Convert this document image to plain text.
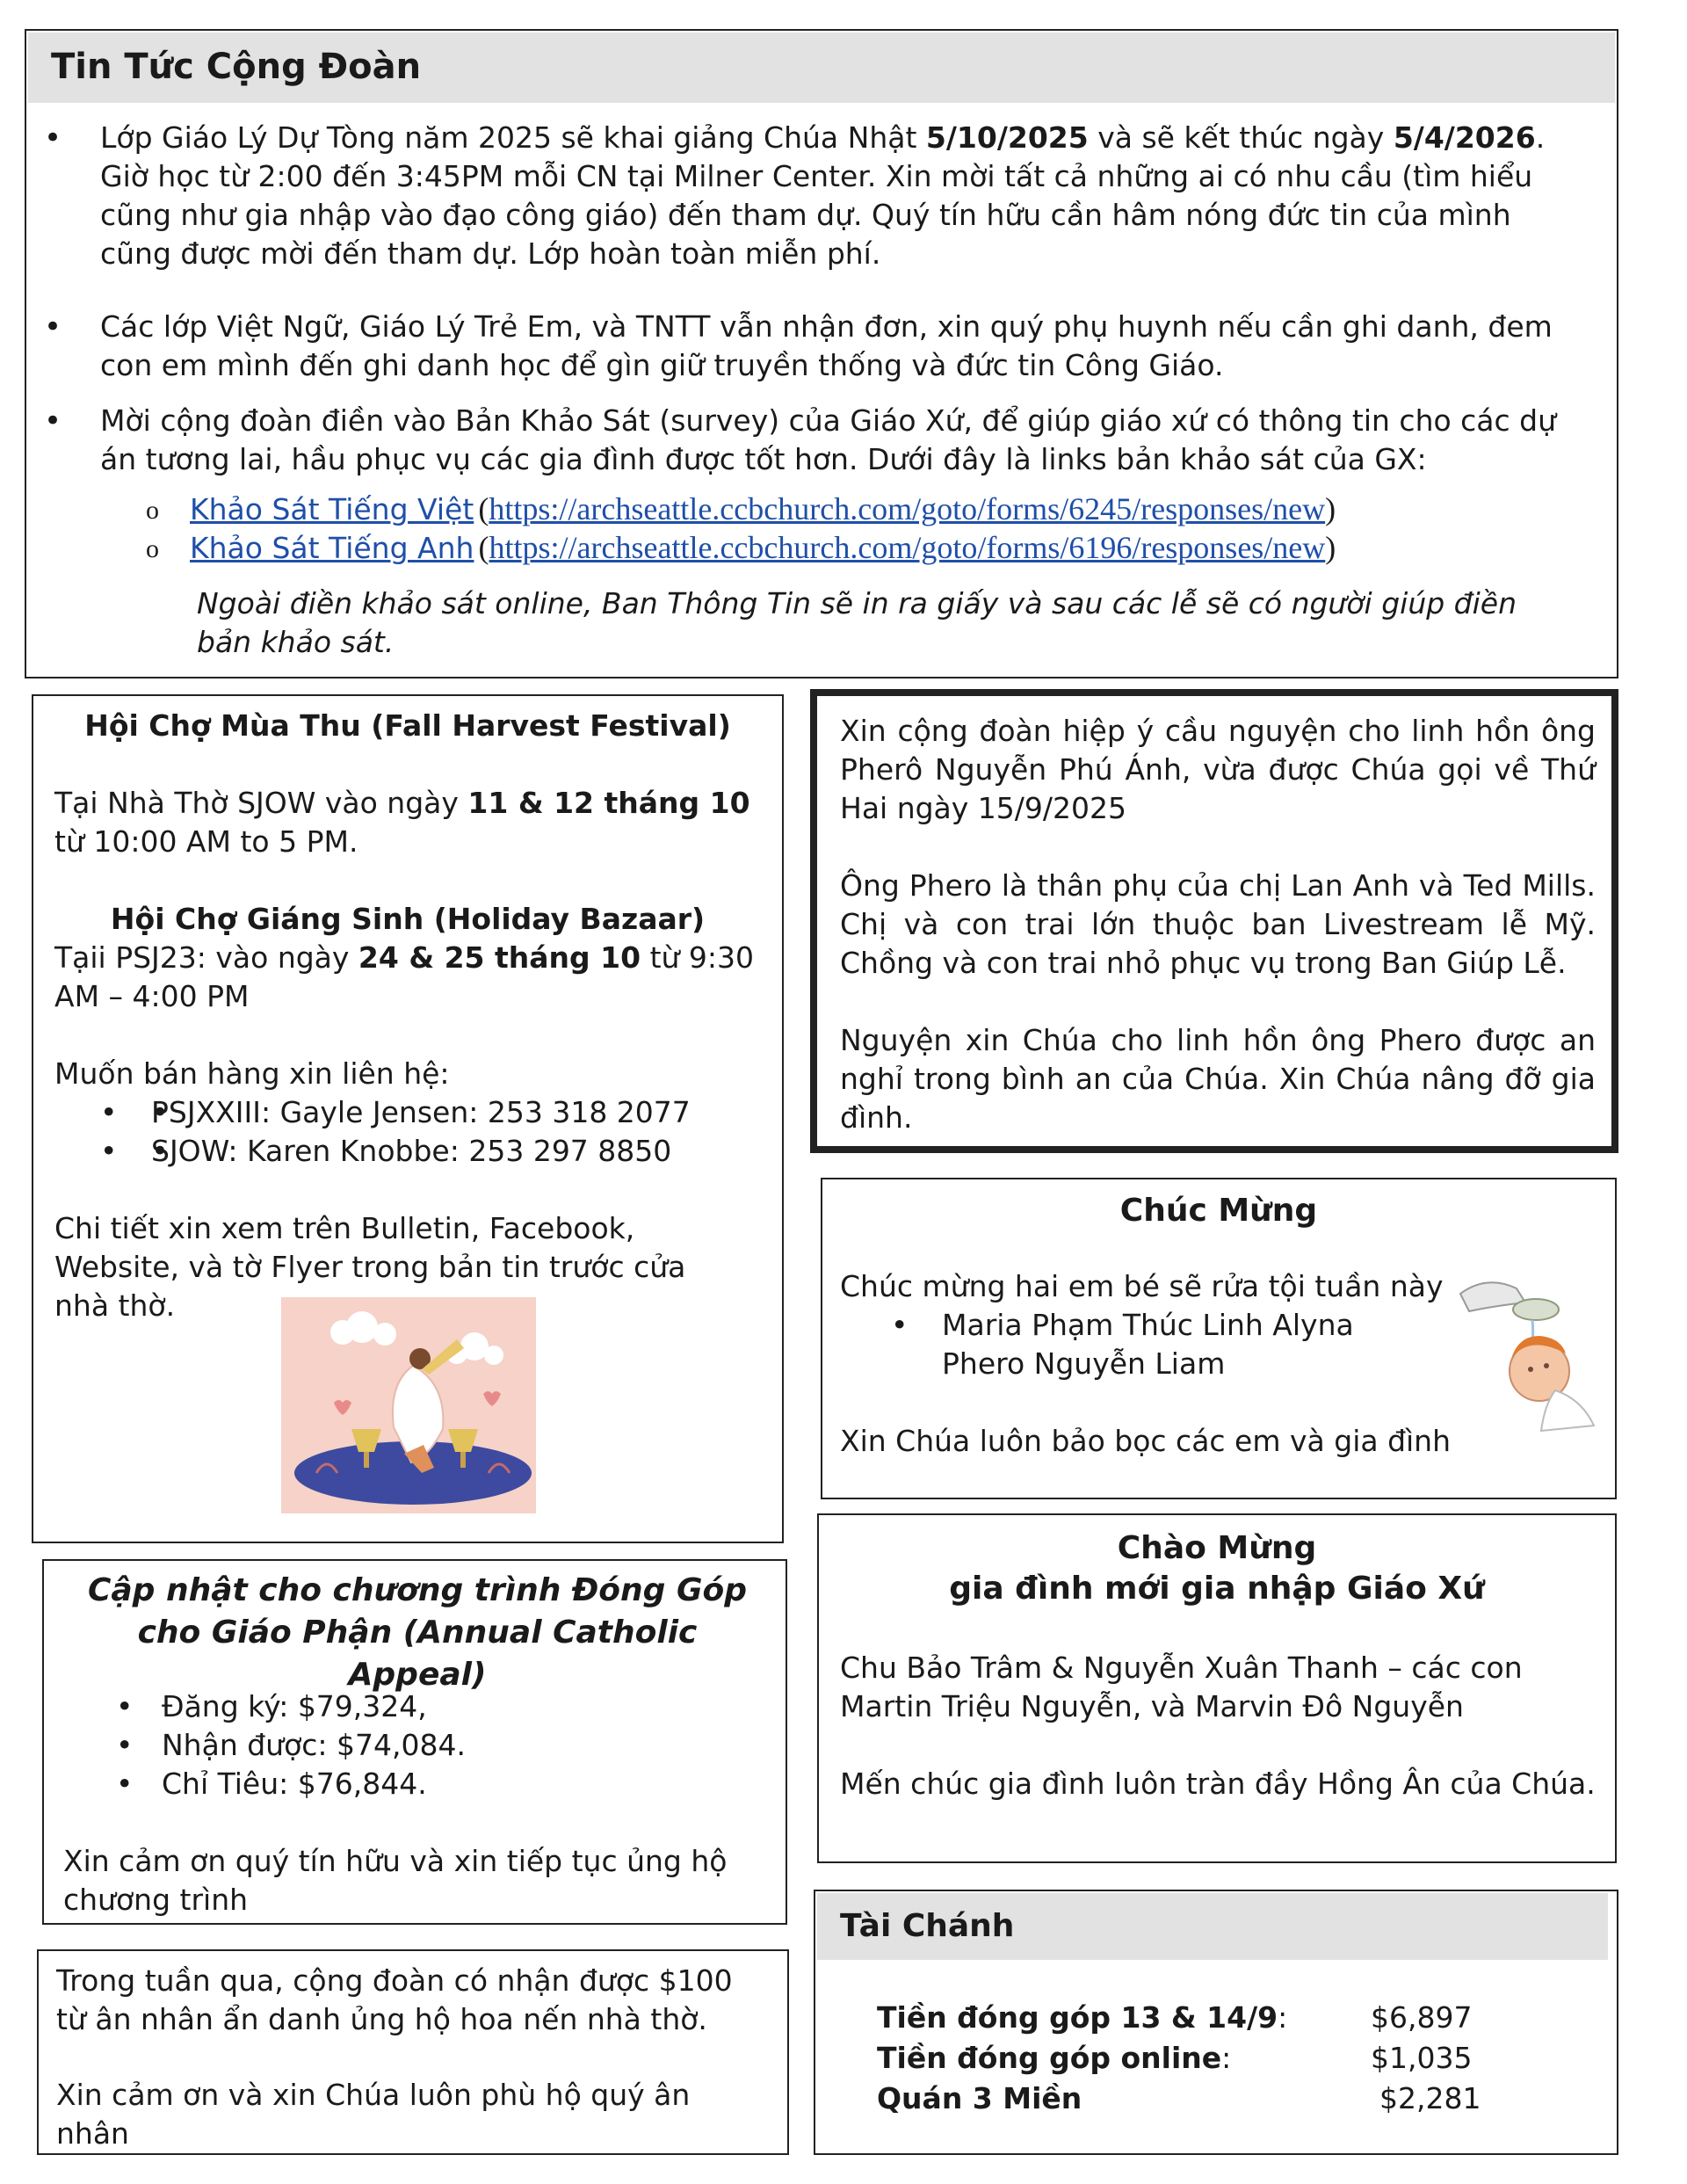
Tin Tức Cộng Đoàn
• Lớp Giáo Lý Dự Tòng năm 2025 sẽ khai giảng Chúa Nhật 5/10/2025 và sẽ kết thúc ngày 5/4/2026. Giờ học từ 2:00 đến 3:45PM mỗi CN tại Milner Center. Xin mời tất cả những ai có nhu cầu (tìm hiểu cũng như gia nhập vào đạo công giáo) đến tham dự. Quý tín hữu cần hâm nóng đức tin của mình cũng được mời đến tham dự. Lớp hoàn toàn miễn phí.

• Các lớp Việt Ngữ, Giáo Lý Trẻ Em, và TNTT vẫn nhận đơn, xin quý phụ huynh nếu cần ghi danh, đem con em mình đến ghi danh học để gìn giữ truyền thống và đức tin Công Giáo.

• Mời cộng đoàn điền vào Bản Khảo Sát (survey) của Giáo Xứ, để giúp giáo xứ có thông tin cho các dự án tương lai, hầu phục vụ các gia đình được tốt hơn. Dưới đây là links bản khảo sát của GX:

o Khảo Sát Tiếng Việt (https://archseattle.ccbchurch.com/goto/forms/6245/responses/new)
o Khảo Sát Tiếng Anh (https://archseattle.ccbchurch.com/goto/forms/6196/responses/new)

Ngoài điền khảo sát online, Ban Thông Tin sẽ in ra giấy và sau các lễ sẽ có người giúp điền bản khảo sát.

Hội Chợ Mùa Thu (Fall Harvest Festival)

Tại Nhà Thờ SJOW vào ngày 11 & 12 tháng 10 từ 10:00 AM to 5 PM.

Hội Chợ Giáng Sinh (Holiday Bazaar)

Tạii PSJ23: vào ngày 24 & 25 tháng 10 từ 9:30 AM – 4:00 PM

Muốn bán hàng xin liên hệ:

• • PSJXXIII: Gayle Jensen: 253 318 2077
• • SJOW: Karen Knobbe: 253 297 8850

Chi tiết xin xem trên Bulletin, Facebook, Website, và tờ Flyer trong bản tin trước cửa nhà thờ.

Xin cộng đoàn hiệp ý cầu nguyện cho linh hồn ông Pherô Nguyễn Phú Ánh, vừa được Chúa gọi về Thứ Hai ngày 15/9/2025

Ông Phero là thân phụ của chị Lan Anh và Ted Mills. Chị và con trai lớn thuộc ban Livestream lễ Mỹ. Chồng và con trai nhỏ phục vụ trong Ban Giúp Lễ.

Nguyện xin Chúa cho linh hồn ông Phero được an nghỉ trong bình an của Chúa. Xin Chúa nâng đỡ gia đình.

Chúc Mừng

Chúc mừng hai em bé sẽ rửa tội tuần này

• Maria Phạm Thúc Linh Alyna

Phero Nguyễn Liam

Xin Chúa luôn bảo bọc các em và gia đình

Cập nhật cho chương trình Đóng Góp cho Giáo Phận (Annual Catholic Appeal)

• Đăng ký: $79,324,

• Nhận được: $74,084.

• Chỉ Tiêu: $76,844.

Xin cảm ơn quý tín hữu và xin tiếp tục ủng hộ chương trình

Chào Mừng

gia đình mới gia nhập Giáo Xứ

Chu Bảo Trâm & Nguyễn Xuân Thanh – các con Martin Triệu Nguyễn, và Marvin Đô Nguyễn

Mến chúc gia đình luôn tràn đầy Hồng Ân của Chúa.

Trong tuần qua, cộng đoàn có nhận được $100 từ ân nhân ẩn danh ủng hộ hoa nến nhà thờ.

Xin cảm ơn và xin Chúa luôn phù hộ quý ân nhân

Tài Chánh
Tiền đóng góp 13 & 14/9:	$6,897
Tiền đóng góp online:	$1,035
Quán 3 Miền	$2,281
